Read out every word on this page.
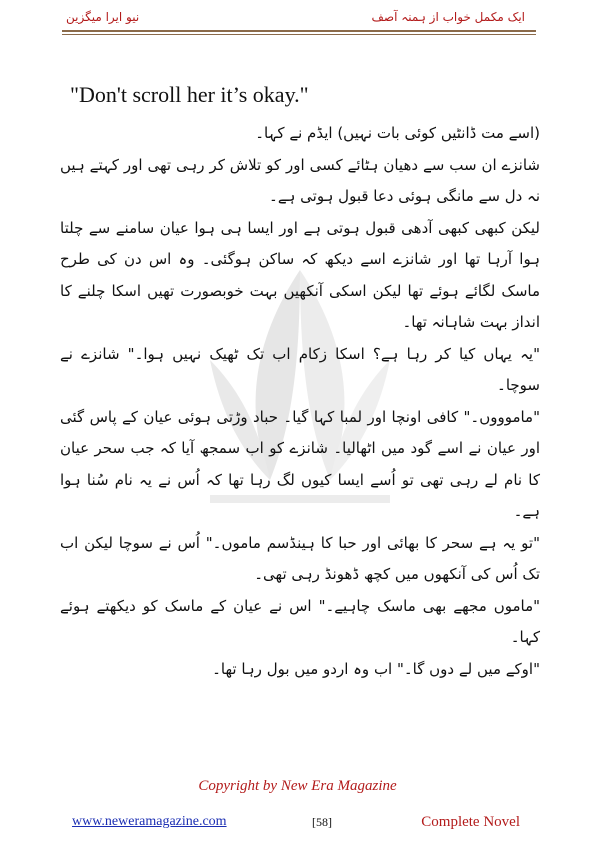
نیو ایرا میگزین	ایک مکمل خواب از ہمنہ آصف
"Don't scroll her it’s okay."

(اسے مت ڈانٹیں کوئی بات نہیں) ایڈم نے کہا۔

شانزے ان سب سے دھیان ہٹائے کسی اور کو تلاش کر رہی تھی اور کہتے ہیں نہ دل سے مانگی ہوئی دعا قبول ہوتی ہے۔

لیکن کبھی کبھی آدھی قبول ہوتی ہے اور ایسا ہی ہوا عیان سامنے سے چلتا ہوا آرہا تھا اور شانزے اسے دیکھ کہ ساکن ہوگئی۔ وہ اس دن کی طرح ماسک لگائے ہوئے تھا لیکن اسکی آنکھیں بہت خوبصورت تھیں اسکا چلنے کا انداز بہت شاہانہ تھا۔

"یہ یہاں کیا کر رہا ہے؟ اسکا زکام اب تک ٹھیک نہیں ہوا۔" شانزے نے سوچا۔

"ماموووں۔" کافی اونچا اور لمبا کہا گیا۔ حباد وڑتی ہوئی عیان کے پاس گئی اور عیان نے اسے گود میں اٹھالیا۔ شانزے کو اب سمجھ آیا کہ جب سحر عیان کا نام لے رہی تھی تو اُسے ایسا کیوں لگ رہا تھا کہ اُس نے یہ نام سُنا ہوا ہے۔

"تو یہ ہے سحر کا بھائی اور حبا کا ہینڈسم ماموں۔" اُس نے سوچا لیکن اب تک اُس کی آنکھوں میں کچھ ڈھونڈ رہی تھی۔

"ماموں مجھے بھی ماسک چاہیے۔" اس نے عیان کے ماسک کو دیکھتے ہوئے کہا۔

"اوکے میں لے دوں گا۔" اب وہ اردو میں بول رہا تھا۔

Copyright by New Era Magazine
www.neweramagazine.com	[58]	Complete Novel
